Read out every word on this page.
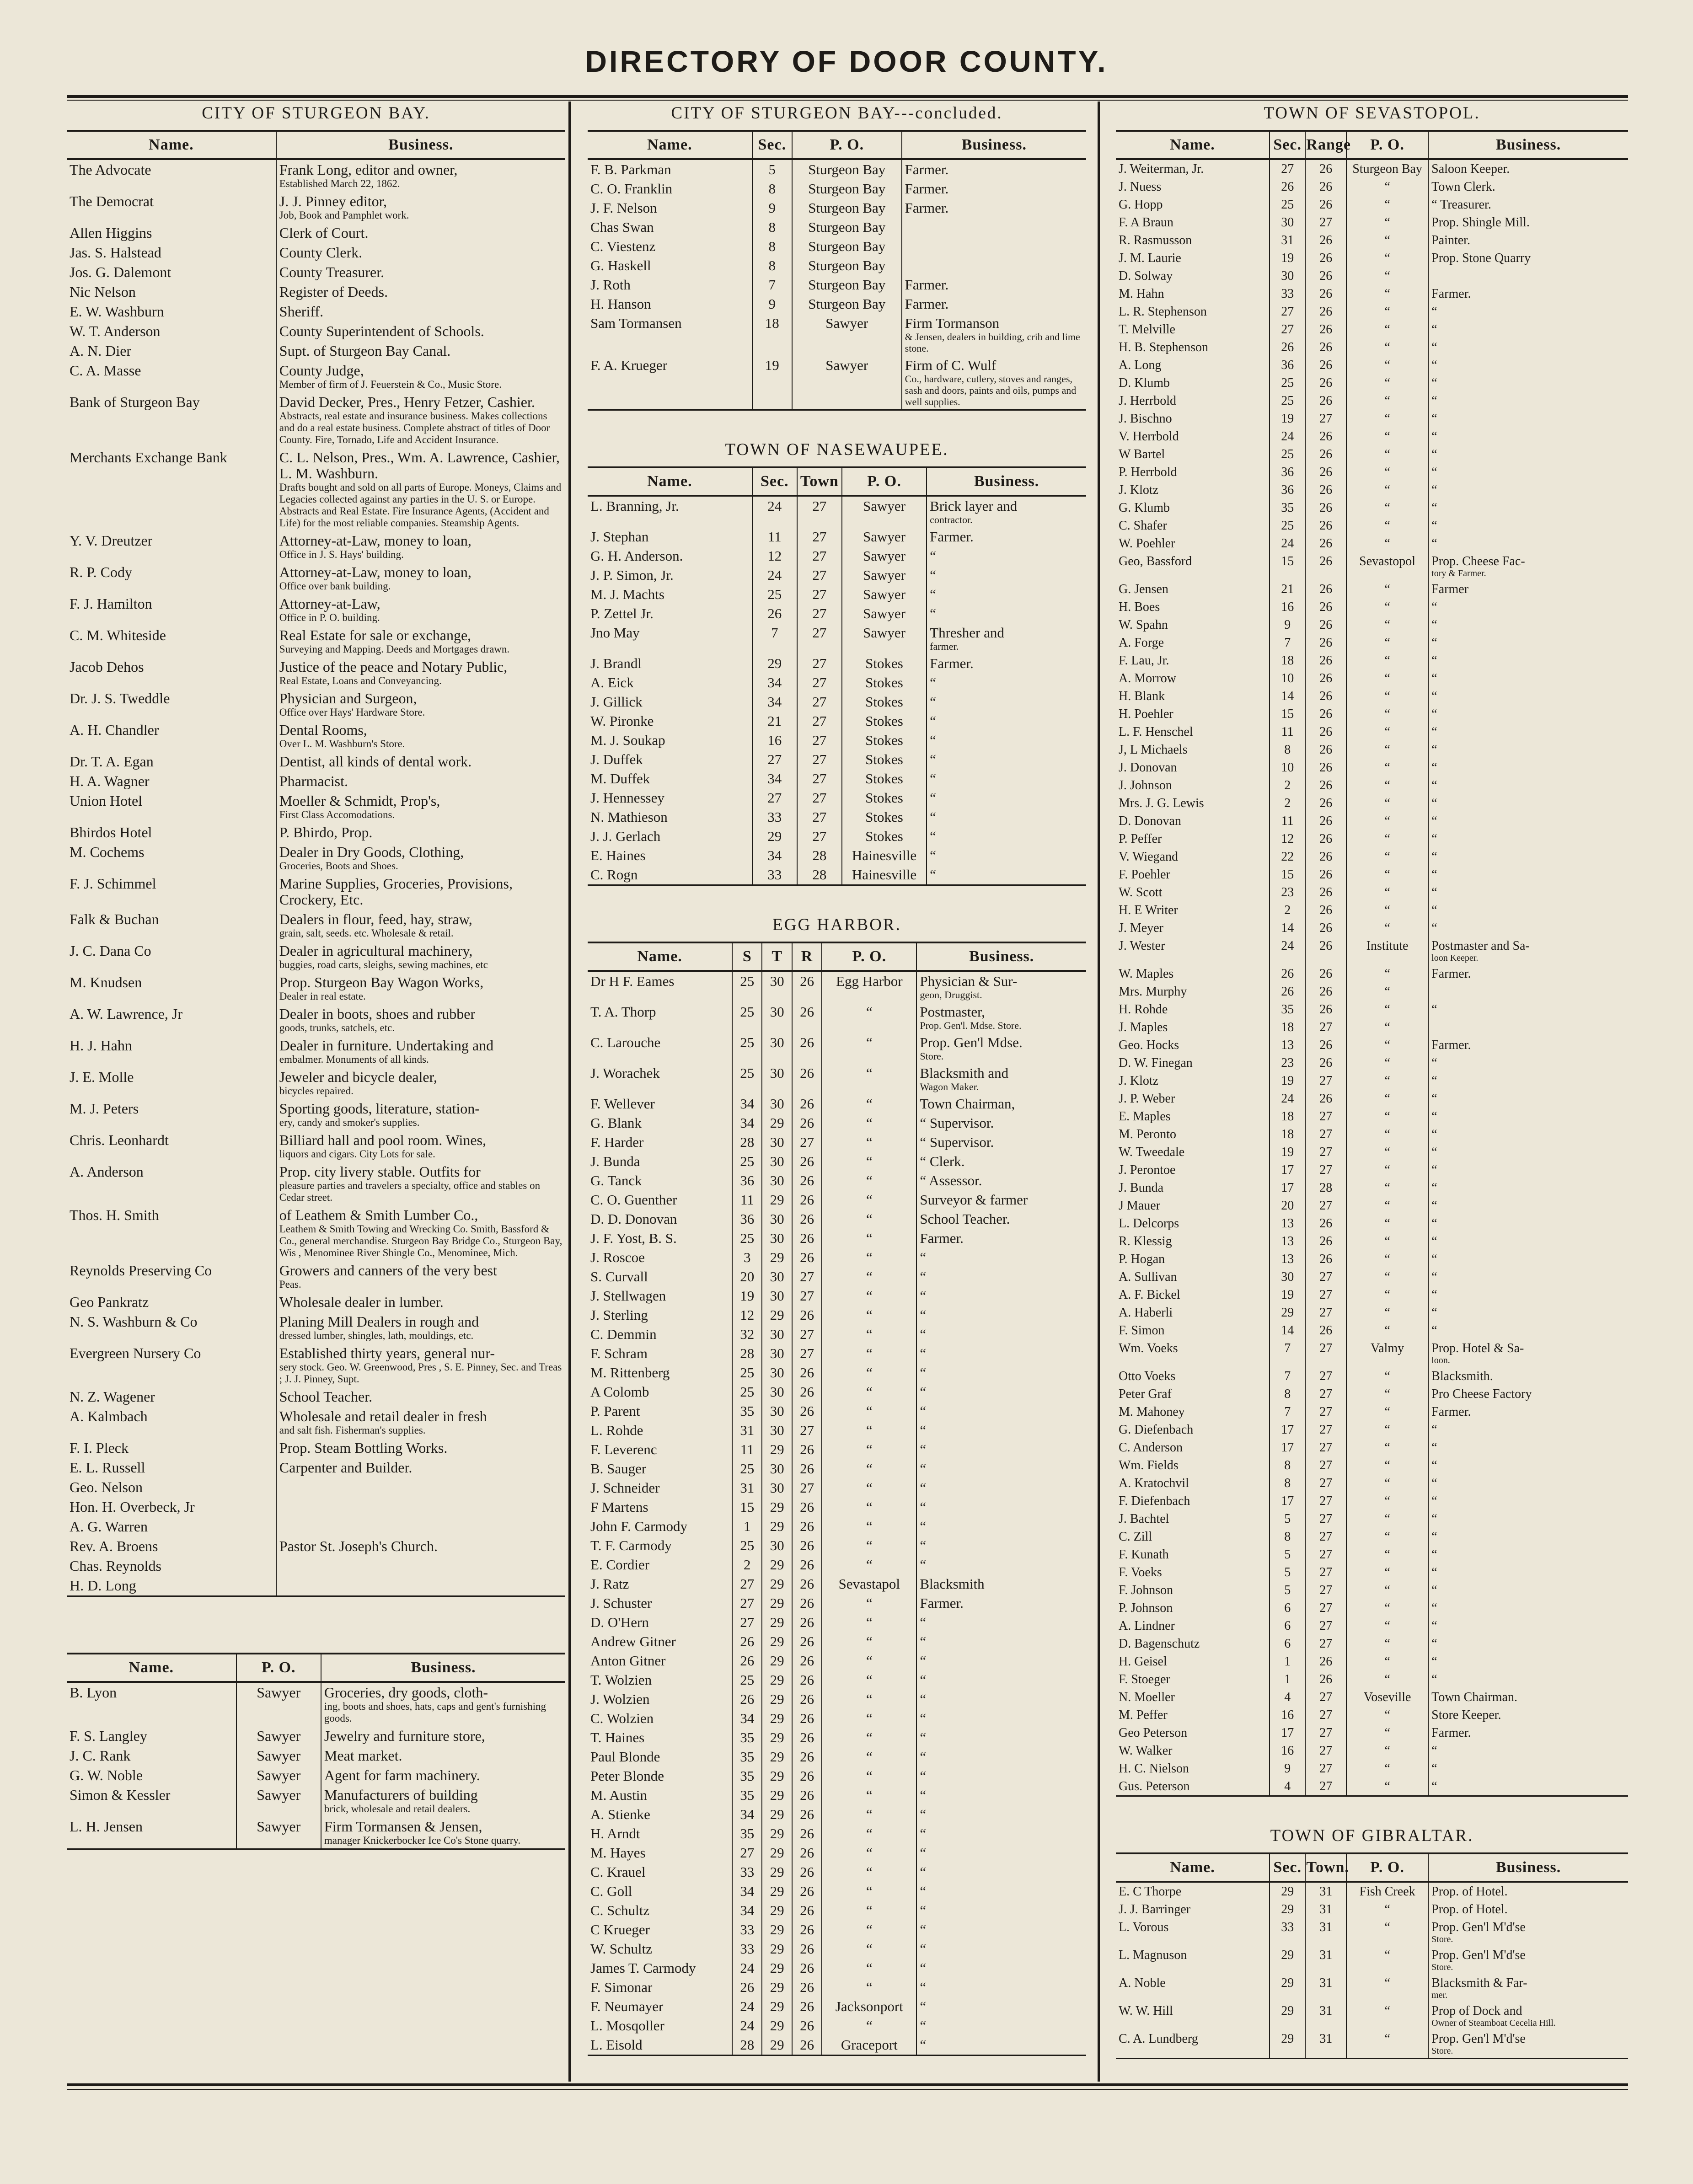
DIRECTORY OF DOOR COUNTY.
CITY OF STURGEON BAY.
Name.	Business.
The Advocate	Frank Long, editor and owner,
Established March 22, 1862.

The Democrat	J. J. Pinney editor,
Job, Book and Pamphlet work.

Allen Higgins	Clerk of Court.
Jas. S. Halstead	County Clerk.
Jos. G. Dalemont	County Treasurer.
Nic Nelson	Register of Deeds.
E. W. Washburn	Sheriff.
W. T. Anderson	County Superintendent of Schools.
A. N. Dier	Supt. of Sturgeon Bay Canal.
C. A. Masse	County Judge,
Member of firm of J. Feuerstein & Co., Music Store.

Bank of Sturgeon Bay	David Decker, Pres., Henry Fetzer, Cashier.
Abstracts, real estate and insurance business. Makes collections and do a real estate business. Complete abstract of titles of Door County. Fire, Tornado, Life and Accident Insurance.

Merchants Exchange Bank	C. L. Nelson, Pres., Wm. A. Lawrence, Cashier, L. M. Washburn.
Drafts bought and sold on all parts of Europe. Moneys, Claims and Legacies collected against any parties in the U. S. or Europe. Abstracts and Real Estate. Fire Insurance Agents, (Accident and Life) for the most reliable companies. Steamship Agents.

Y. V. Dreutzer	Attorney-at-Law, money to loan,
Office in J. S. Hays' building.

R. P. Cody	Attorney-at-Law, money to loan,
Office over bank building.

F. J. Hamilton	Attorney-at-Law,
Office in P. O. building.

C. M. Whiteside	Real Estate for sale or exchange,
Surveying and Mapping. Deeds and Mortgages drawn.

Jacob Dehos	Justice of the peace and Notary Public,
Real Estate, Loans and Conveyancing.

Dr. J. S. Tweddle	Physician and Surgeon,
Office over Hays' Hardware Store.

A. H. Chandler	Dental Rooms,
Over L. M. Washburn's Store.

Dr. T. A. Egan	Dentist, all kinds of dental work.
H. A. Wagner	Pharmacist.
Union Hotel	Moeller & Schmidt, Prop's,
First Class Accomodations.

Bhirdos Hotel	P. Bhirdo, Prop.
M. Cochems	Dealer in Dry Goods, Clothing,
Groceries, Boots and Shoes.

F. J. Schimmel	Marine Supplies, Groceries, Provisions, Crockery, Etc.
Falk & Buchan	Dealers in flour, feed, hay, straw,
grain, salt, seeds. etc. Wholesale & retail.

J. C. Dana Co	Dealer in agricultural machinery,
buggies, road carts, sleighs, sewing machines, etc

M. Knudsen	Prop. Sturgeon Bay Wagon Works,
Dealer in real estate.

A. W. Lawrence, Jr	Dealer in boots, shoes and rubber
goods, trunks, satchels, etc.

H. J. Hahn	Dealer in furniture. Undertaking and
embalmer. Monuments of all kinds.

J. E. Molle	Jeweler and bicycle dealer,
bicycles repaired.

M. J. Peters	Sporting goods, literature, station-
ery, candy and smoker's supplies.

Chris. Leonhardt	Billiard hall and pool room. Wines,
liquors and cigars. City Lots for sale.

A. Anderson	Prop. city livery stable. Outfits for
pleasure parties and travelers a specialty, office and stables on Cedar street.

Thos. H. Smith	of Leathem & Smith Lumber Co.,
Leathem & Smith Towing and Wrecking Co. Smith, Bassford & Co., general merchandise. Sturgeon Bay Bridge Co., Sturgeon Bay, Wis , Menominee River Shingle Co., Menominee, Mich.

Reynolds Preserving Co	Growers and canners of the very best
Peas.

Geo Pankratz	Wholesale dealer in lumber.
N. S. Washburn & Co	Planing Mill Dealers in rough and
dressed lumber, shingles, lath, mouldings, etc.

Evergreen Nursery Co	Established thirty years, general nur-
sery stock. Geo. W. Greenwood, Pres , S. E. Pinney, Sec. and Treas ; J. J. Pinney, Supt.

N. Z. Wagener	School Teacher.
A. Kalmbach	Wholesale and retail dealer in fresh
and salt fish. Fisherman's supplies.

F. I. Pleck	Prop. Steam Bottling Works.
E. L. Russell	Carpenter and Builder.
Geo. Nelson	
Hon. H. Overbeck, Jr	
A. G. Warren	
Rev. A. Broens	Pastor St. Joseph's Church.
Chas. Reynolds	
H. D. Long	
Name.	P. O.	Business.
B. Lyon	Sawyer	Groceries, dry goods, cloth-
ing, boots and shoes, hats, caps and gent's furnishing goods.

F. S. Langley	Sawyer	Jewelry and furniture store,
J. C. Rank	Sawyer	Meat market.
G. W. Noble	Sawyer	Agent for farm machinery.
Simon & Kessler	Sawyer	Manufacturers of building
brick, wholesale and retail dealers.

L. H. Jensen	Sawyer	Firm Tormansen & Jensen,
manager Knickerbocker Ice Co's Stone quarry.
CITY OF STURGEON BAY---concluded.
Name.	Sec.	P. O.	Business.
F. B. Parkman	5	Sturgeon Bay	Farmer.
C. O. Franklin	8	Sturgeon Bay	Farmer.
J. F. Nelson	9	Sturgeon Bay	Farmer.
Chas Swan	8	Sturgeon Bay	
C. Viestenz	8	Sturgeon Bay	
G. Haskell	8	Sturgeon Bay	
J. Roth	7	Sturgeon Bay	Farmer.
H. Hanson	9	Sturgeon Bay	Farmer.
Sam Tormansen	18	Sawyer	Firm Tormanson
& Jensen, dealers in building, crib and lime stone.

F. A. Krueger	19	Sawyer	Firm of C. Wulf
Co., hardware, cutlery, stoves and ranges, sash and doors, paints and oils, pumps and well supplies.
TOWN OF NASEWAUPEE.
Name.	Sec.	Town	P. O.	Business.
L. Branning, Jr.	24	27	Sawyer	Brick layer and
contractor.

J. Stephan	11	27	Sawyer	Farmer.
G. H. Anderson.	12	27	Sawyer	“
J. P. Simon, Jr.	24	27	Sawyer	“
M. J. Machts	25	27	Sawyer	“
P. Zettel Jr.	26	27	Sawyer	“
Jno May	7	27	Sawyer	Thresher and
farmer.

J. Brandl	29	27	Stokes	Farmer.
A. Eick	34	27	Stokes	“
J. Gillick	34	27	Stokes	“
W. Pironke	21	27	Stokes	“
M. J. Soukap	16	27	Stokes	“
J. Duffek	27	27	Stokes	“
M. Duffek	34	27	Stokes	“
J. Hennessey	27	27	Stokes	“
N. Mathieson	33	27	Stokes	“
J. J. Gerlach	29	27	Stokes	“
E. Haines	34	28	Hainesville	“
C. Rogn	33	28	Hainesville	“
EGG HARBOR.
Name.	S	T	R	P. O.	Business.
Dr H F. Eames	25	30	26	Egg Harbor	Physician & Sur-
geon, Druggist.

T. A. Thorp	25	30	26	“	Postmaster,
Prop. Gen'l. Mdse. Store.

C. Larouche	25	30	26	“	Prop. Gen'l Mdse.
Store.

J. Worachek	25	30	26	“	Blacksmith and
Wagon Maker.

F. Wellever	34	30	26	“	Town Chairman,
G. Blank	34	29	26	“	“ Supervisor.
F. Harder	28	30	27	“	“ Supervisor.
J. Bunda	25	30	26	“	“ Clerk.
G. Tanck	36	30	26	“	“ Assessor.
C. O. Guenther	11	29	26	“	Surveyor & farmer
D. D. Donovan	36	30	26	“	School Teacher.
J. F. Yost, B. S.	25	30	26	“	Farmer.
J. Roscoe	3	29	26	“	“
S. Curvall	20	30	27	“	“
J. Stellwagen	19	30	27	“	“
J. Sterling	12	29	26	“	“
C. Demmin	32	30	27	“	“
F. Schram	28	30	27	“	“
M. Rittenberg	25	30	26	“	“
A Colomb	25	30	26	“	“
P. Parent	35	30	26	“	“
L. Rohde	31	30	27	“	“
F. Leverenc	11	29	26	“	“
B. Sauger	25	30	26	“	“
J. Schneider	31	30	27	“	“
F Martens	15	29	26	“	“
John F. Carmody	1	29	26	“	“
T. F. Carmody	25	30	26	“	“
E. Cordier	2	29	26	“	“
J. Ratz	27	29	26	Sevastapol	Blacksmith
J. Schuster	27	29	26	“	Farmer.
D. O'Hern	27	29	26	“	“
Andrew Gitner	26	29	26	“	“
Anton Gitner	26	29	26	“	“
T. Wolzien	25	29	26	“	“
J. Wolzien	26	29	26	“	“
C. Wolzien	34	29	26	“	“
T. Haines	35	29	26	“	“
Paul Blonde	35	29	26	“	“
Peter Blonde	35	29	26	“	“
M. Austin	35	29	26	“	“
A. Stienke	34	29	26	“	“
H. Arndt	35	29	26	“	“
M. Hayes	27	29	26	“	“
C. Krauel	33	29	26	“	“
C. Goll	34	29	26	“	“
C. Schultz	34	29	26	“	“
C Krueger	33	29	26	“	“
W. Schultz	33	29	26	“	“
James T. Carmody	24	29	26	“	“
F. Simonar	26	29	26	“	“
F. Neumayer	24	29	26	Jacksonport	“
L. Mosqoller	24	29	26	“	“
L. Eisold	28	29	26	Graceport	“
TOWN OF SEVASTOPOL.
Name.	Sec.	Range	P. O.	Business.
J. Weiterman, Jr.	27	26	Sturgeon Bay	Saloon Keeper.
J. Nuess	26	26	“	Town Clerk.
G. Hopp	25	26	“	“ Treasurer.
F. A Braun	30	27	“	Prop. Shingle Mill.
R. Rasmusson	31	26	“	Painter.
J. M. Laurie	19	26	“	Prop. Stone Quarry
D. Solway	30	26	“	
M. Hahn	33	26	“	Farmer.
L. R. Stephenson	27	26	“	“
T. Melville	27	26	“	“
H. B. Stephenson	26	26	“	“
A. Long	36	26	“	“
D. Klumb	25	26	“	“
J. Herrbold	25	26	“	“
J. Bischno	19	27	“	“
V. Herrbold	24	26	“	“
W Bartel	25	26	“	“
P. Herrbold	36	26	“	“
J. Klotz	36	26	“	“
G. Klumb	35	26	“	“
C. Shafer	25	26	“	“
W. Poehler	24	26	“	“
Geo, Bassford	15	26	Sevastopol	Prop. Cheese Fac-
tory & Farmer.

G. Jensen	21	26	“	Farmer
H. Boes	16	26	“	“
W. Spahn	9	26	“	“
A. Forge	7	26	“	“
F. Lau, Jr.	18	26	“	“
A. Morrow	10	26	“	“
H. Blank	14	26	“	“
H. Poehler	15	26	“	“
L. F. Henschel	11	26	“	“
J, L Michaels	8	26	“	“
J. Donovan	10	26	“	“
J. Johnson	2	26	“	“
Mrs. J. G. Lewis	2	26	“	“
D. Donovan	11	26	“	“
P. Peffer	12	26	“	“
V. Wiegand	22	26	“	“
F. Poehler	15	26	“	“
W. Scott	23	26	“	“
H. E Writer	2	26	“	“
J. Meyer	14	26	“	“
J. Wester	24	26	Institute	Postmaster and Sa-
loon Keeper.

W. Maples	26	26	“	Farmer.
Mrs. Murphy	26	26	“	
H. Rohde	35	26	“	“
J. Maples	18	27	“	
Geo. Hocks	13	26	“	Farmer.
D. W. Finegan	23	26	“	“
J. Klotz	19	27	“	“
J. P. Weber	24	26	“	“
E. Maples	18	27	“	“
M. Peronto	18	27	“	“
W. Tweedale	19	27	“	“
J. Perontoe	17	27	“	“
J. Bunda	17	28	“	“
J Mauer	20	27	“	“
L. Delcorps	13	26	“	“
R. Klessig	13	26	“	“
P. Hogan	13	26	“	“
A. Sullivan	30	27	“	“
A. F. Bickel	19	27	“	“
A. Haberli	29	27	“	“
F. Simon	14	26	“	“
Wm. Voeks	7	27	Valmy	Prop. Hotel & Sa-
loon.

Otto Voeks	7	27	“	Blacksmith.
Peter Graf	8	27	“	Pro Cheese Factory
M. Mahoney	7	27	“	Farmer.
G. Diefenbach	17	27	“	“
C. Anderson	17	27	“	“
Wm. Fields	8	27	“	“
A. Kratochvil	8	27	“	“
F. Diefenbach	17	27	“	“
J. Bachtel	5	27	“	“
C. Zill	8	27	“	“
F. Kunath	5	27	“	“
F. Voeks	5	27	“	“
F. Johnson	5	27	“	“
P. Johnson	6	27	“	“
A. Lindner	6	27	“	“
D. Bagenschutz	6	27	“	“
H. Geisel	1	26	“	“
F. Stoeger	1	26	“	“
N. Moeller	4	27	Voseville	Town Chairman.
M. Peffer	16	27	“	Store Keeper.
Geo Peterson	17	27	“	Farmer.
W. Walker	16	27	“	“
H. C. Nielson	9	27	“	“
Gus. Peterson	4	27	“	“
TOWN OF GIBRALTAR.
Name.	Sec.	Town.	P. O.	Business.
E. C Thorpe	29	31	Fish Creek	Prop. of Hotel.
J. J. Barringer	29	31	“	Prop. of Hotel.
L. Vorous	33	31	“	Prop. Gen'l M'd'se
Store.

L. Magnuson	29	31	“	Prop. Gen'l M'd'se
Store.

A. Noble	29	31	“	Blacksmith & Far-
mer.

W. W. Hill	29	31	“	Prop of Dock and
Owner of Steamboat Cecelia Hill.

C. A. Lundberg	29	31	“	Prop. Gen'l M'd'se
Store.
